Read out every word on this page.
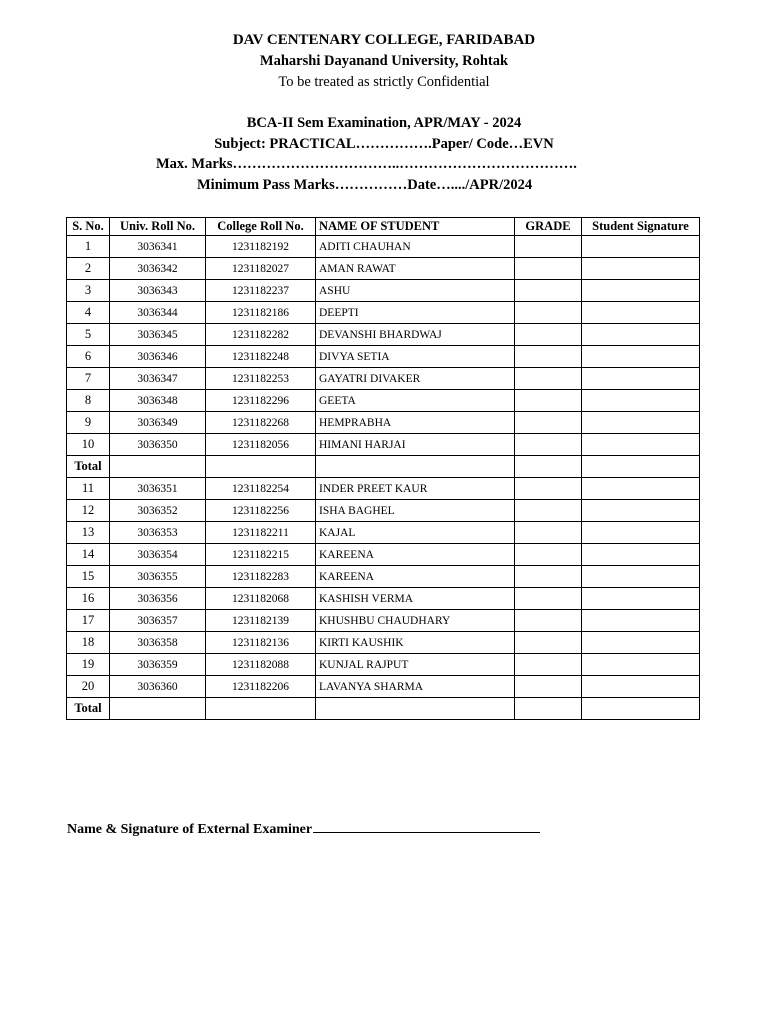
DAV CENTENARY COLLEGE, FARIDABAD
Maharshi Dayanand University, Rohtak
To be treated as strictly Confidential
BCA-II Sem Examination, APR/MAY - 2024
Subject: PRACTICAL…………….Paper/ Code…EVN
Max. Marks……………………………..……………………………….
Minimum Pass Marks……………Date…..../APR/2024
S. No.	Univ. Roll No.	College Roll No.	NAME OF STUDENT	GRADE	Student Signature
1	3036341	1231182192	ADITI CHAUHAN		
2	3036342	1231182027	AMAN RAWAT		
3	3036343	1231182237	ASHU		
4	3036344	1231182186	DEEPTI		
5	3036345	1231182282	DEVANSHI BHARDWAJ		
6	3036346	1231182248	DIVYA SETIA		
7	3036347	1231182253	GAYATRI DIVAKER		
8	3036348	1231182296	GEETA		
9	3036349	1231182268	HEMPRABHA		
10	3036350	1231182056	HIMANI HARJAI		
Total					
11	3036351	1231182254	INDER PREET KAUR		
12	3036352	1231182256	ISHA BAGHEL		
13	3036353	1231182211	KAJAL		
14	3036354	1231182215	KAREENA		
15	3036355	1231182283	KAREENA		
16	3036356	1231182068	KASHISH VERMA		
17	3036357	1231182139	KHUSHBU CHAUDHARY		
18	3036358	1231182136	KIRTI KAUSHIK		
19	3036359	1231182088	KUNJAL RAJPUT		
20	3036360	1231182206	LAVANYA SHARMA		
Total					
Name & Signature of External Examiner
